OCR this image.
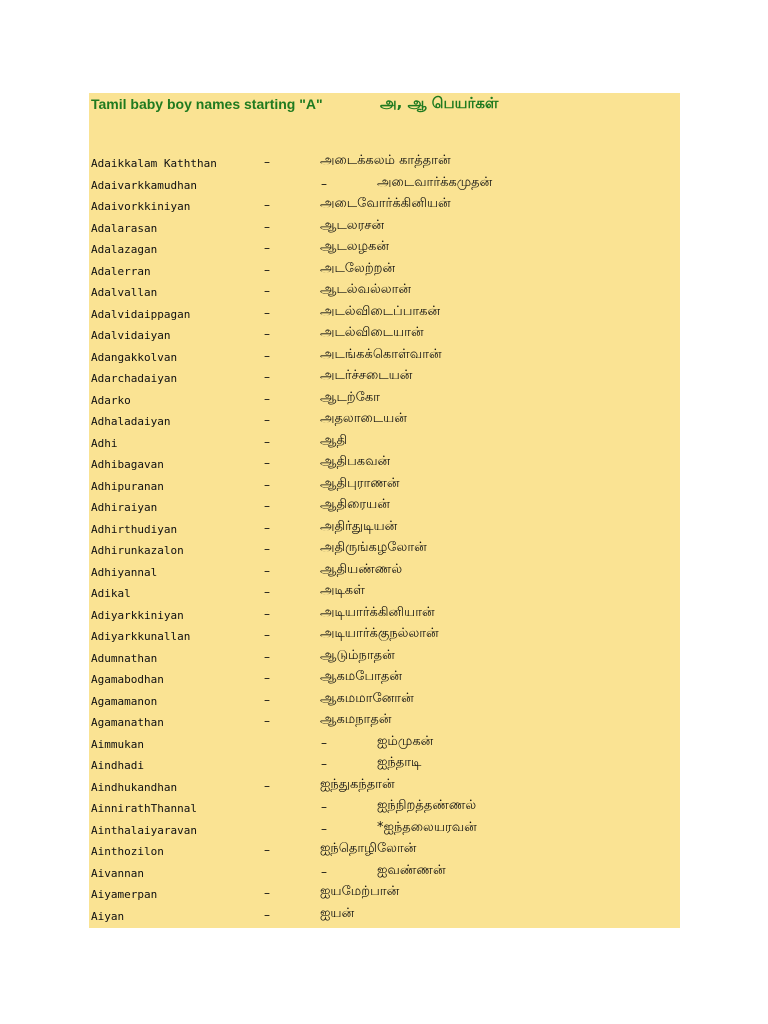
Tamil baby boy names starting "A"	அ, ஆ பெயர்கள்
Adaikkalam Kaththan	–	அடைக்கலம் காத்தான்
Adaivarkkamudhan	–	அடைவார்க்கமுதன்
Adaivorkkiniyan	–	அடைவோர்க்கினியன்
Adalarasan	–	ஆடலரசன்
Adalazagan	–	ஆடலழகன்
Adalerran	–	அடலேற்றன்
Adalvallan	–	ஆடல்வல்லான்
Adalvidaippagan	–	அடல்விடைப்பாகன்
Adalvidaiyan	–	அடல்விடையான்
Adangakkolvan	–	அடங்கக்கொள்வான்
Adarchadaiyan	–	அடர்ச்சடையன்
Adarko	–	ஆடற்கோ
Adhaladaiyan	–	அதலாடையன்
Adhi	–	ஆதி
Adhibagavan	–	ஆதிபகவன்
Adhipuranan	–	ஆதிபுராணன்
Adhiraiyan	–	ஆதிரையன்
Adhirthudiyan	–	அதிர்துடியன்
Adhirunkazalon	–	அதிருங்கழலோன்
Adhiyannal	–	ஆதியண்ணல்
Adikal	–	அடிகள்
Adiyarkkiniyan	–	அடியார்க்கினியான்
Adiyarkkunallan	–	அடியார்க்குநல்லான்
Adumnathan	–	ஆடும்நாதன்
Agamabodhan	–	ஆகமபோதன்
Agamamanon	–	ஆகமமானோன்
Agamanathan	–	ஆகமநாதன்
Aimmukan	–	ஐம்முகன்
Aindhadi	–	ஐந்தாடி
Aindhukandhan	–	ஐந்துகந்தான்
AinnirathThannal	–	ஐந்நிறத்தண்ணல்
Ainthalaiyaravan	–	*ஐந்தலையரவன்
Ainthozilon	–	ஐந்தொழிலோன்
Aivannan	–	ஐவண்ணன்
Aiyamerpan	–	ஐயமேற்பான்
Aiyan	–	ஐயன்
